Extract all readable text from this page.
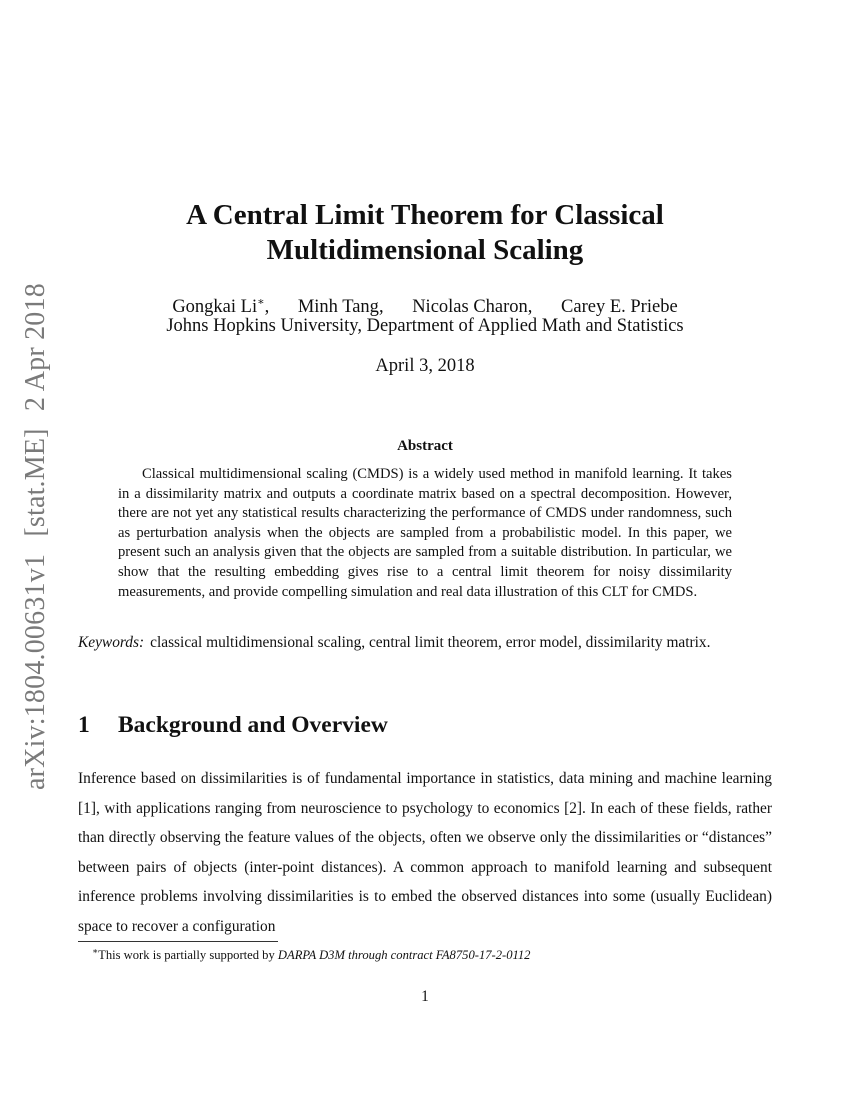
arXiv:1804.00631v1 [stat.ME] 2 Apr 2018
A Central Limit Theorem for Classical
Multidimensional Scaling
Gongkai Li∗, Minh Tang, Nicolas Charon, Carey E. Priebe
Johns Hopkins University, Department of Applied Math and Statistics
April 3, 2018
Abstract
Classical multidimensional scaling (CMDS) is a widely used method in manifold learning. It takes in a dissimilarity matrix and outputs a coordinate matrix based on a spectral decomposition. However, there are not yet any statistical results characterizing the performance of CMDS under randomness, such as perturbation analysis when the objects are sampled from a probabilistic model. In this paper, we present such an analysis given that the objects are sampled from a suitable distribution. In particular, we show that the resulting embedding gives rise to a central limit theorem for noisy dissimilarity measurements, and provide compelling simulation and real data illustration of this CLT for CMDS.
Keywords: classical multidimensional scaling, central limit theorem, error model, dissimilarity matrix.
1 Background and Overview
Inference based on dissimilarities is of fundamental importance in statistics, data mining and machine learning [1], with applications ranging from neuroscience to psychology to economics [2]. In each of these fields, rather than directly observing the feature values of the objects, often we observe only the dissimilarities or “distances” between pairs of objects (inter-point distances). A common approach to manifold learning and subsequent inference problems involving dissimilarities is to embed the observed distances into some (usually Euclidean) space to recover a configuration
∗This work is partially supported by DARPA D3M through contract FA8750-17-2-0112
1
